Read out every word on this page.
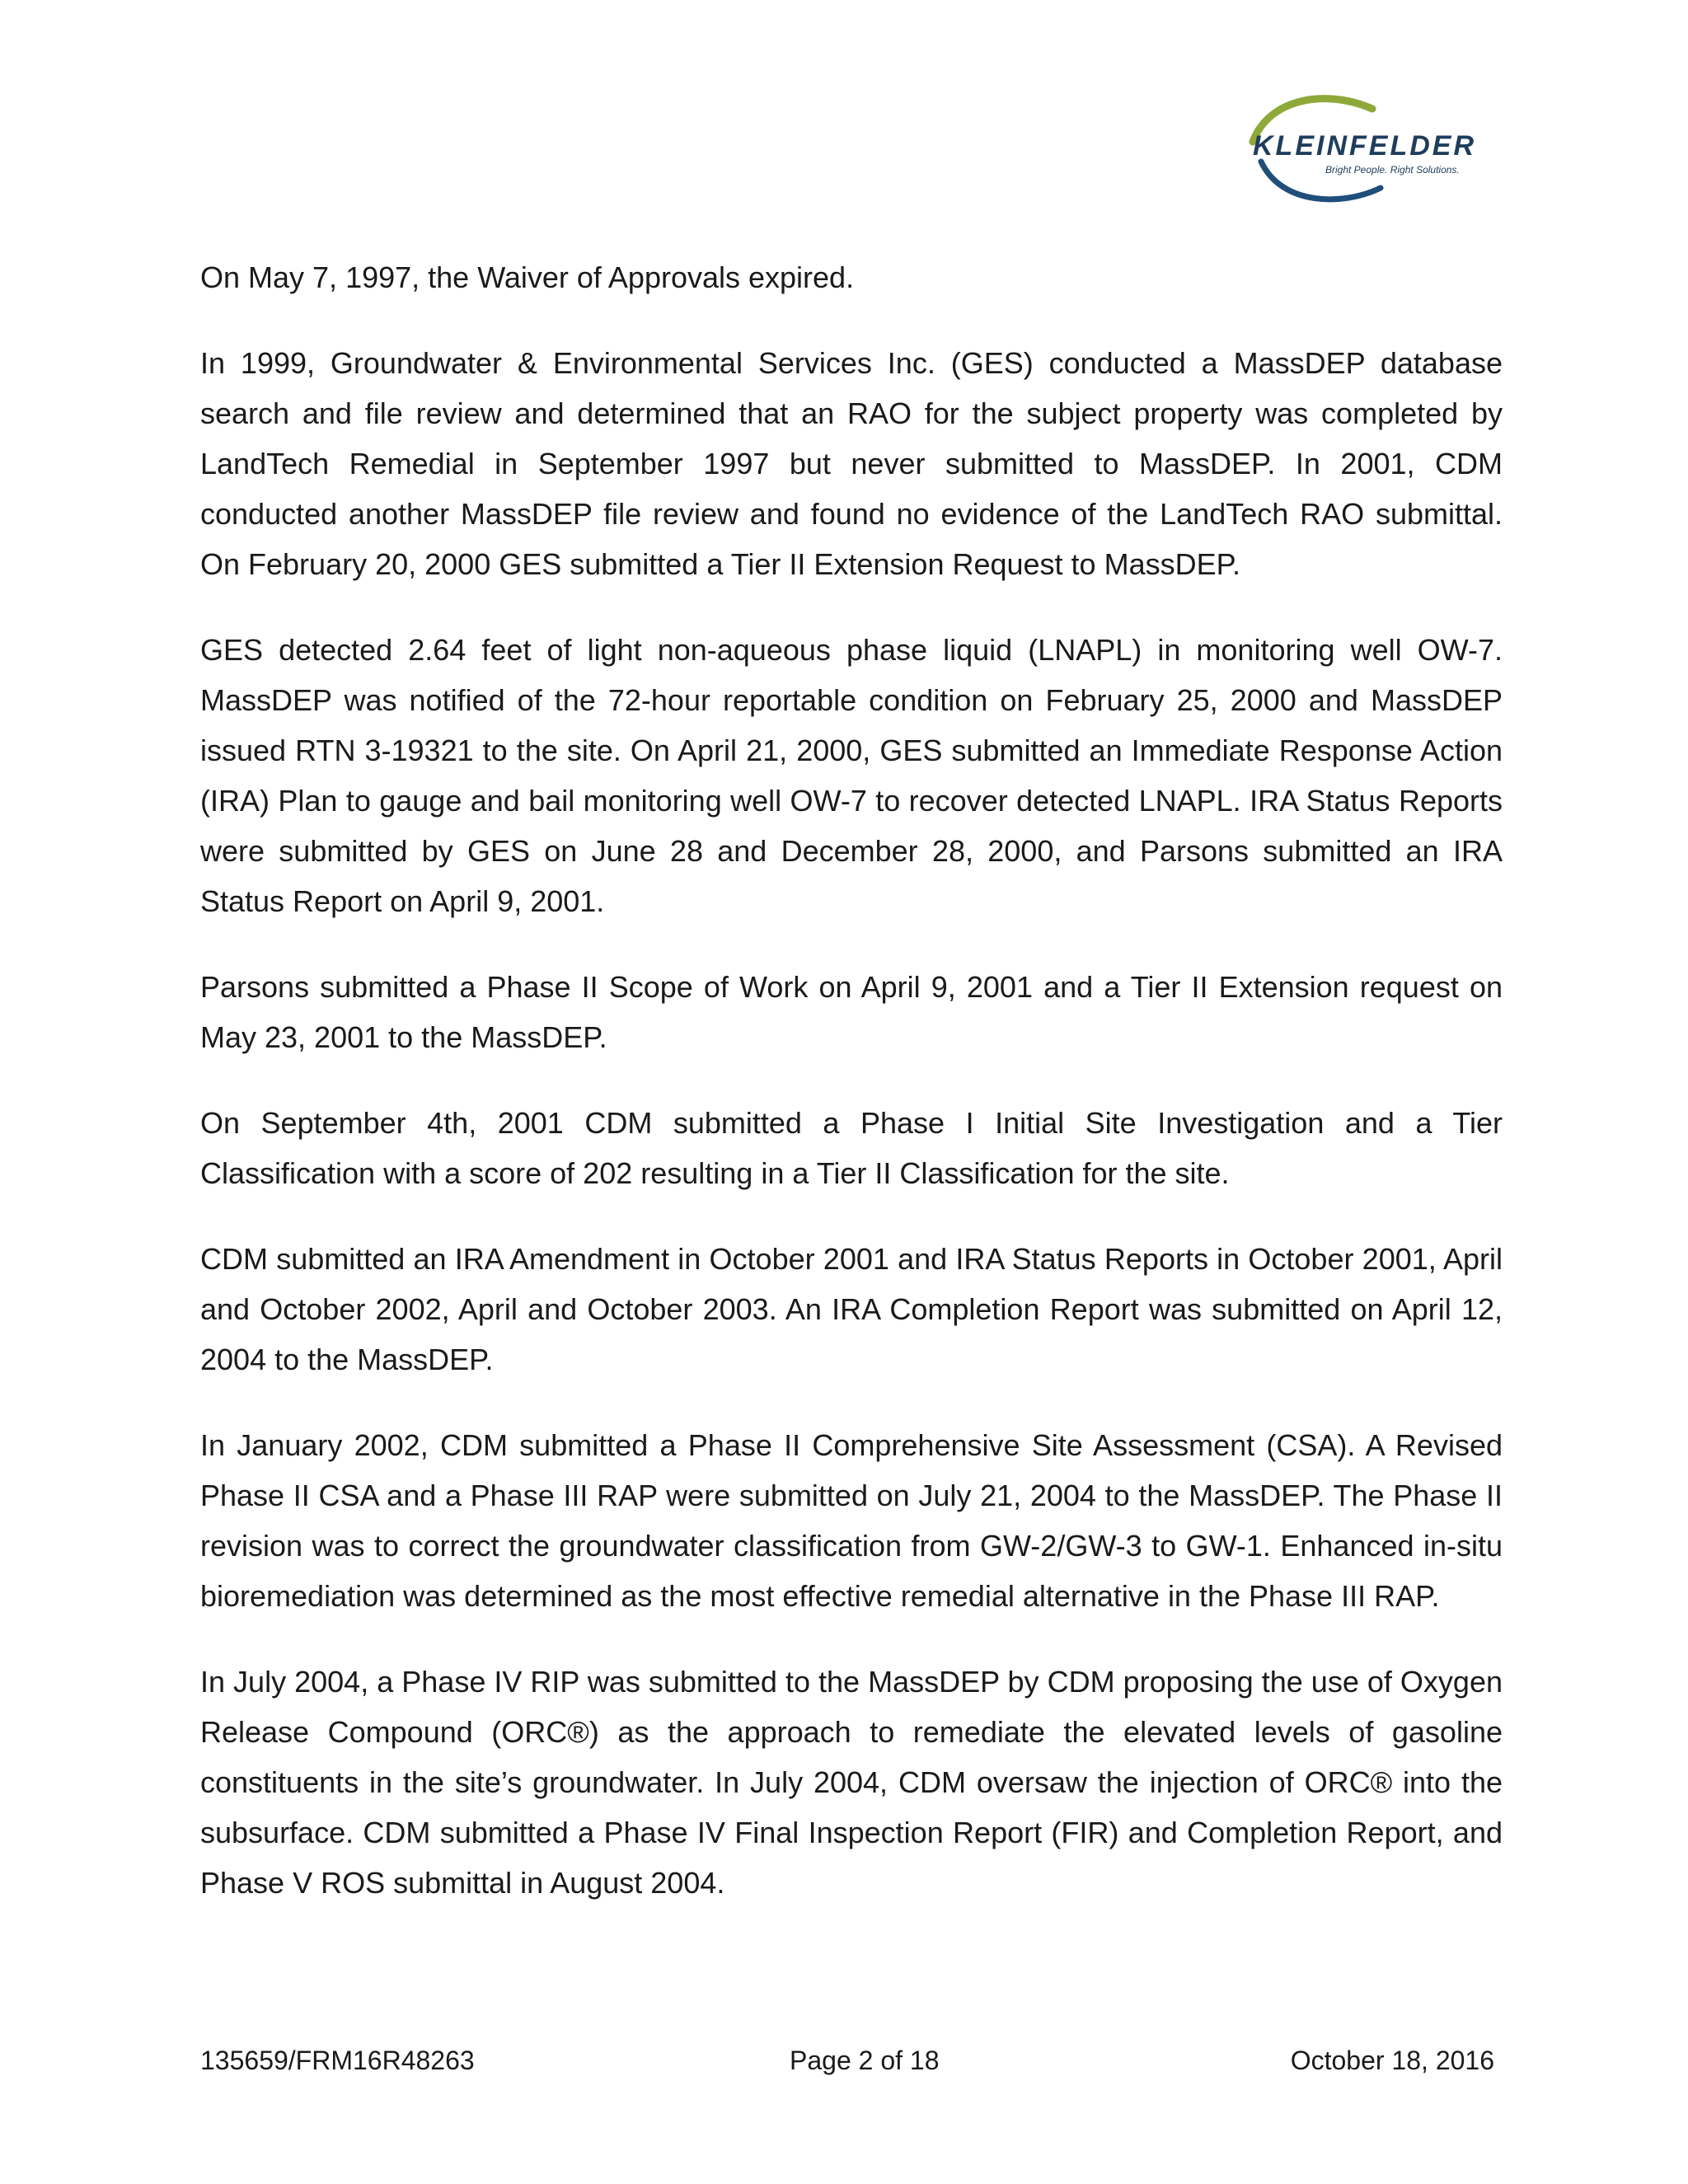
KLEINFELDER
Bright People. Right Solutions.

On May 7, 1997, the Waiver of Approvals expired.

In 1999, Groundwater & Environmental Services Inc. (GES) conducted a MassDEP database search and file review and determined that an RAO for the subject property was completed by LandTech Remedial in September 1997 but never submitted to MassDEP. In 2001, CDM conducted another MassDEP file review and found no evidence of the LandTech RAO submittal. On February 20, 2000 GES submitted a Tier II Extension Request to MassDEP.

GES detected 2.64 feet of light non-aqueous phase liquid (LNAPL) in monitoring well OW-7. MassDEP was notified of the 72-hour reportable condition on February 25, 2000 and MassDEP issued RTN 3-19321 to the site. On April 21, 2000, GES submitted an Immediate Response Action (IRA) Plan to gauge and bail monitoring well OW-7 to recover detected LNAPL. IRA Status Reports were submitted by GES on June 28 and December 28, 2000, and Parsons submitted an IRA Status Report on April 9, 2001.

Parsons submitted a Phase II Scope of Work on April 9, 2001 and a Tier II Extension request on May 23, 2001 to the MassDEP.

On September 4th, 2001 CDM submitted a Phase I Initial Site Investigation and a Tier Classification with a score of 202 resulting in a Tier II Classification for the site.

CDM submitted an IRA Amendment in October 2001 and IRA Status Reports in October 2001, April and October 2002, April and October 2003. An IRA Completion Report was submitted on April 12, 2004 to the MassDEP.

In January 2002, CDM submitted a Phase II Comprehensive Site Assessment (CSA). A Revised Phase II CSA and a Phase III RAP were submitted on July 21, 2004 to the MassDEP. The Phase II revision was to correct the groundwater classification from GW-2/GW-3 to GW-1. Enhanced in-situ bioremediation was determined as the most effective remedial alternative in the Phase III RAP.

In July 2004, a Phase IV RIP was submitted to the MassDEP by CDM proposing the use of Oxygen Release Compound (ORC®) as the approach to remediate the elevated levels of gasoline constituents in the site’s groundwater. In July 2004, CDM oversaw the injection of ORC® into the subsurface. CDM submitted a Phase IV Final Inspection Report (FIR) and Completion Report, and Phase V ROS submittal in August 2004.

135659/FRM16R48263	Page 2 of 18	October 18, 2016
